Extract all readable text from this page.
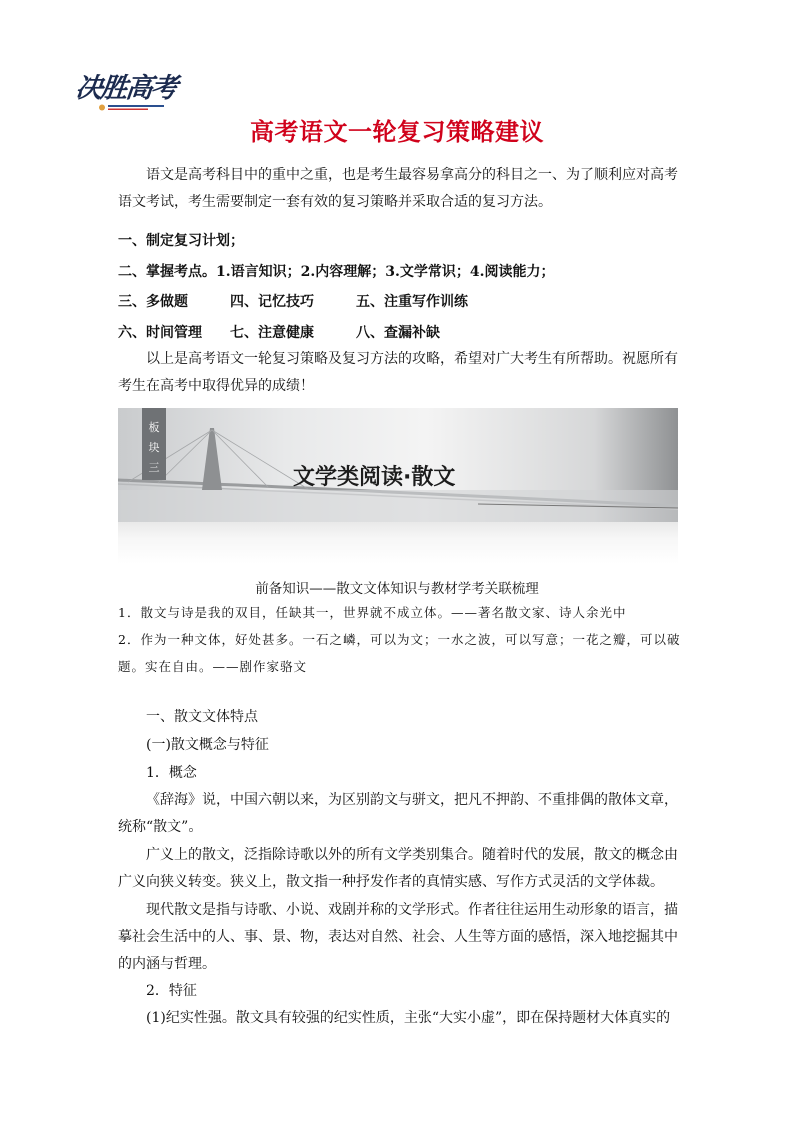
决胜高考
高考语文一轮复习策略建议
语文是高考科目中的重中之重，也是考生最容易拿高分的科目之一、为了顺利应对高考语文考试，考生需要制定一套有效的复习策略并采取合适的复习方法。
一、制定复习计划；
二、掌握考点。1.语言知识；2.内容理解；3.文学常识；4.阅读能力；
三、多做题	四、记忆技巧	五、注重写作训练
六、时间管理 七、注意健康	八、查漏补缺
以上是高考语文一轮复习策略及复习方法的攻略，希望对广大考生有所帮助。祝愿所有考生在高考中取得优异的成绩！
板
块
三	文学类阅读·散文
前备知识——散文文体知识与教材学考关联梳理
1．散文与诗是我的双目，任缺其一，世界就不成立体。——著名散文家、诗人余光中
2．作为一种文体，好处甚多。一石之嶙，可以为文；一水之波，可以写意；一花之瓣，可以破题。实在自由。——剧作家骆文
一、散文文体特点
(一)散文概念与特征
1．概念
《辞海》说，中国六朝以来，为区别韵文与骈文，把凡不押韵、不重排偶的散体文章，统称“散文”。
广义上的散文，泛指除诗歌以外的所有文学类别集合。随着时代的发展，散文的概念由广义向狭义转变。狭义上，散文指一种抒发作者的真情实感、写作方式灵活的文学体裁。
现代散文是指与诗歌、小说、戏剧并称的文学形式。作者往往运用生动形象的语言，描摹社会生活中的人、事、景、物，表达对自然、社会、人生等方面的感悟，深入地挖掘其中的内涵与哲理。
2．特征
(1)纪实性强。散文具有较强的纪实性质，主张“大实小虚”，即在保持题材大体真实的
